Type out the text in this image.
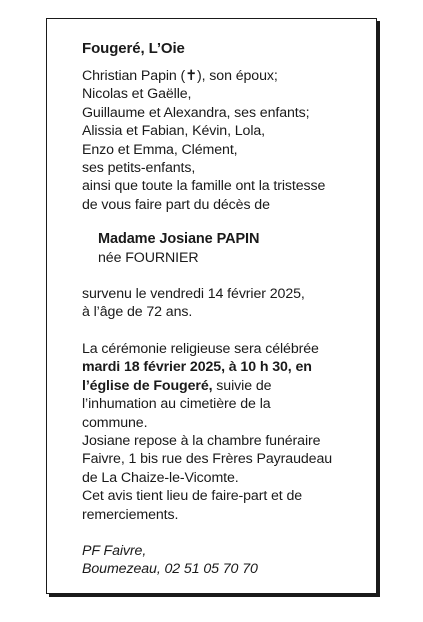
Fougeré, L’Oie
Christian Papin (✝), son époux;
Nicolas et Gaëlle,
Guillaume et Alexandra, ses enfants;
Alissia et Fabian, Kévin, Lola,
Enzo et Emma, Clément,
ses petits-enfants,
ainsi que toute la famille ont la tristesse
de vous faire part du décès de
Madame Josiane PAPIN
née FOURNIER
survenu le vendredi 14 février 2025,
à l’âge de 72 ans.
La cérémonie religieuse sera célébrée
mardi 18 février 2025, à 10 h 30, en
l’église de Fougeré, suivie de
l’inhumation au cimetière de la
commune.
Josiane repose à la chambre funéraire
Faivre, 1 bis rue des Frères Payraudeau
de La Chaize-le-Vicomte.
Cet avis tient lieu de faire-part et de
remerciements.
PF Faivre,
Boumezeau, 02 51 05 70 70
